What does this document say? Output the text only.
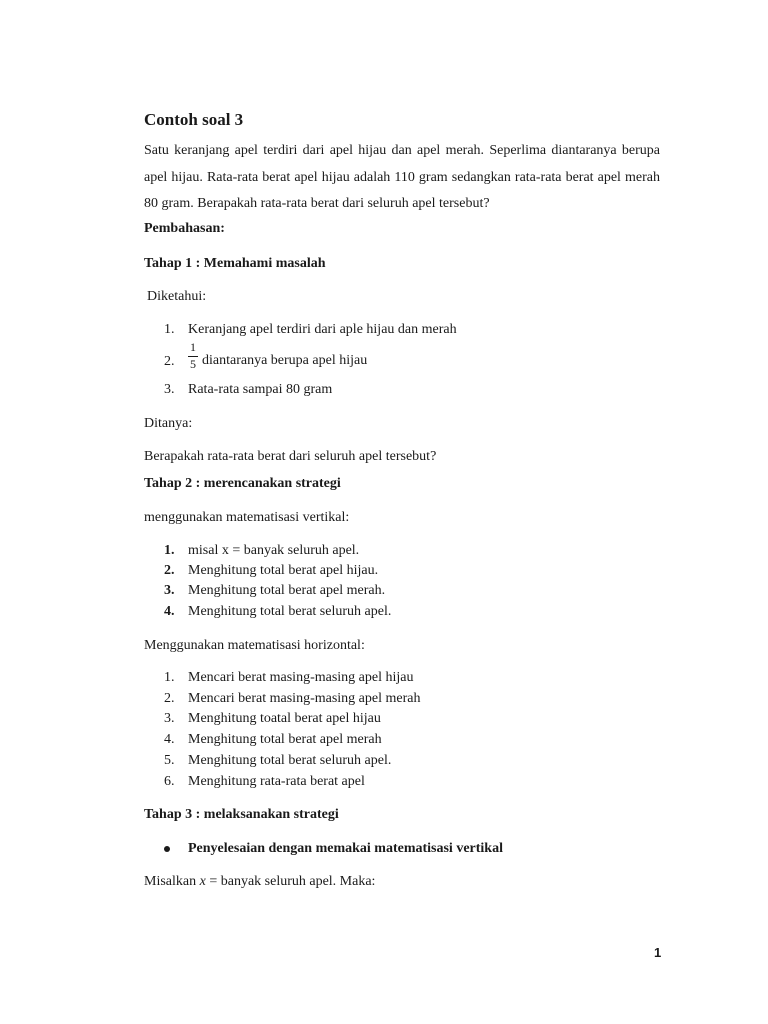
Contoh soal 3
Satu keranjang apel terdiri dari apel hijau dan apel merah. Seperlima diantaranya berupa apel hijau. Rata-rata berat apel hijau adalah 110 gram sedangkan rata-rata berat apel merah 80 gram. Berapakah rata-rata berat dari seluruh apel tersebut?
Pembahasan:
Tahap 1 : Memahami masalah
Diketahui:
1. Keranjang apel terdiri dari aple hijau dan merah
2.
1
5 diantaranya berupa apel hijau
3. Rata-rata sampai 80 gram
Ditanya:
Berapakah rata-rata berat dari seluruh apel tersebut?
Tahap 2 : merencanakan strategi
menggunakan matematisasi vertikal:
1. misal x = banyak seluruh apel.
2. Menghitung total berat apel hijau.
3. Menghitung total berat apel merah.
4. Menghitung total berat seluruh apel.
Menggunakan matematisasi horizontal:
1. Mencari berat masing-masing apel hijau
2. Mencari berat masing-masing apel merah
3. Menghitung toatal berat apel hijau
4. Menghitung total berat apel merah
5. Menghitung total berat seluruh apel.
6. Menghitung rata-rata berat apel
Tahap 3 : melaksanakan strategi
Penyelesaian dengan memakai matematisasi vertikal
Misalkan x = banyak seluruh apel. Maka:
1
